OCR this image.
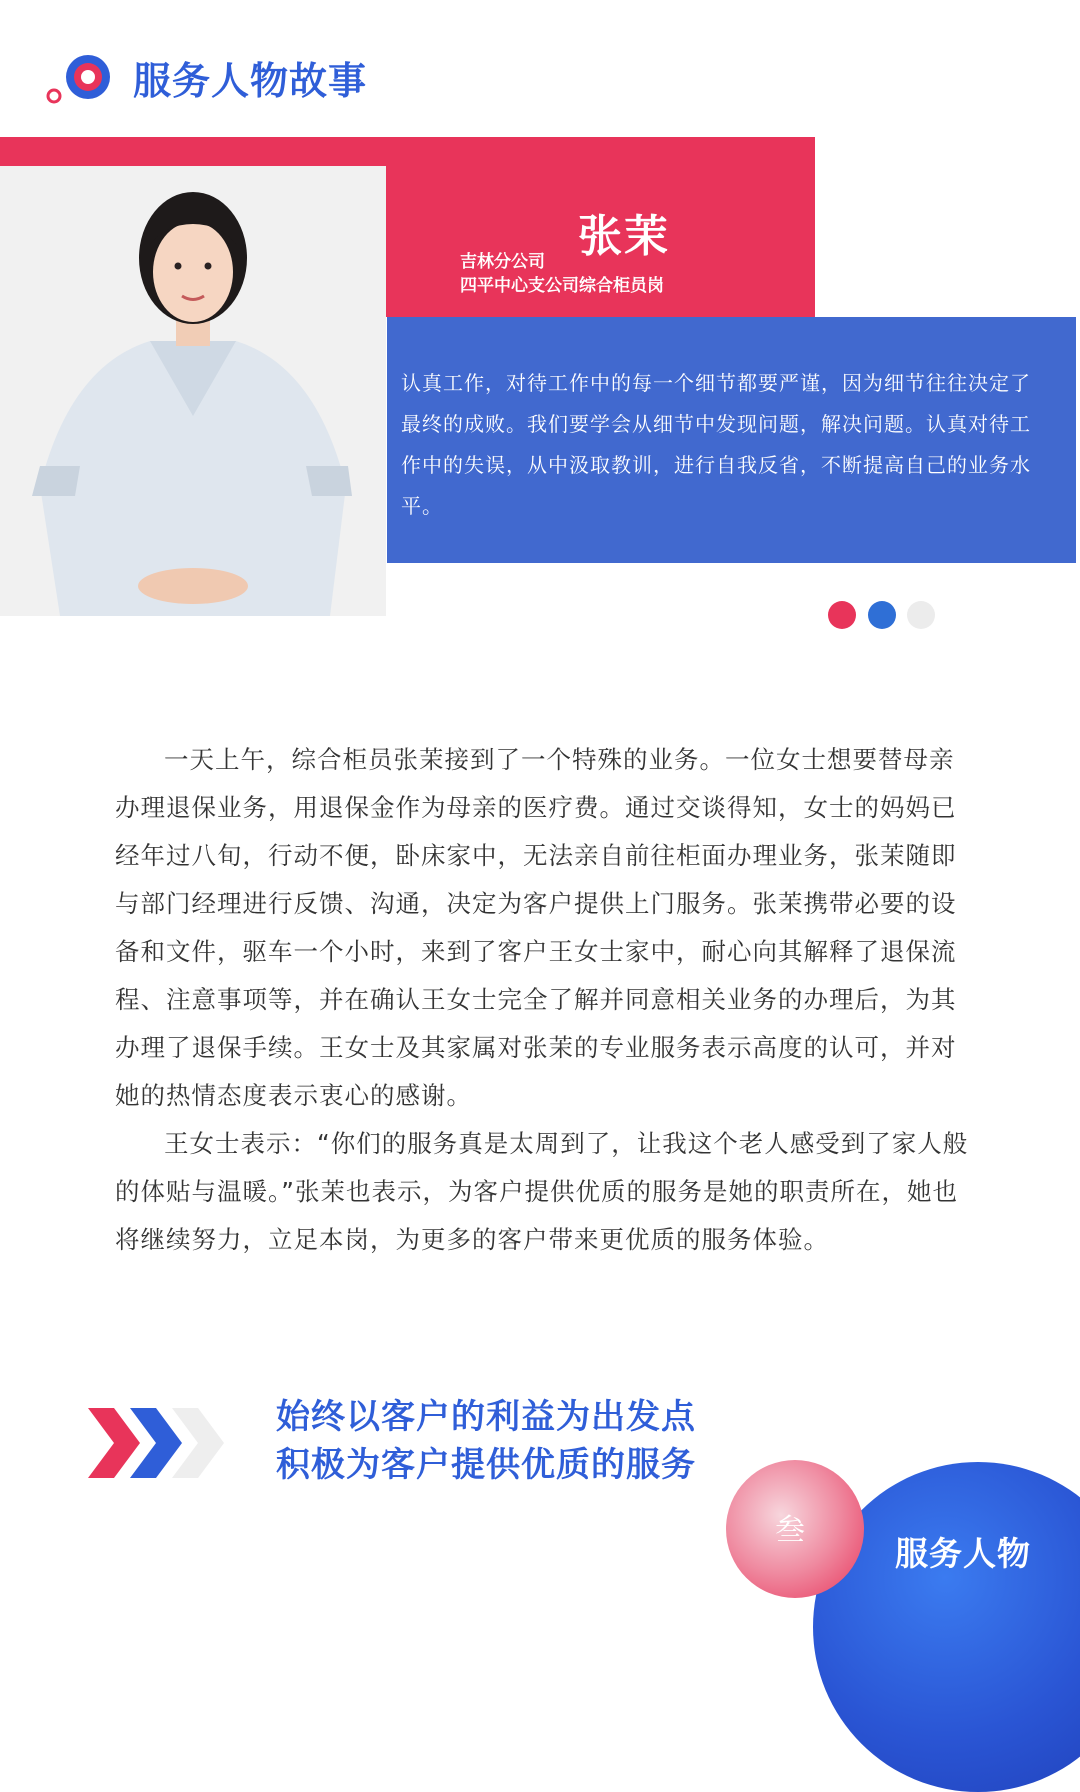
服务人物故事
张茉
吉林分公司
四平中心支公司综合柜员岗
认真工作，对待工作中的每一个细节都要严谨，因为细节往往决定了最终的成败。我们要学会从细节中发现问题，解决问题。认真对待工作中的失误，从中汲取教训，进行自我反省，不断提高自己的业务水平。

一天上午，综合柜员张茉接到了一个特殊的业务。一位女士想要替母亲办理退保业务，用退保金作为母亲的医疗费。通过交谈得知，女士的妈妈已经年过八旬，行动不便，卧床家中，无法亲自前往柜面办理业务，张茉随即与部门经理进行反馈、沟通，决定为客户提供上门服务。张茉携带必要的设备和文件，驱车一个小时，来到了客户王女士家中，耐心向其解释了退保流程、注意事项等，并在确认王女士完全了解并同意相关业务的办理后，为其办理了退保手续。王女士及其家属对张茉的专业服务表示高度的认可，并对她的热情态度表示衷心的感谢。

王女士表示：“你们的服务真是太周到了，让我这个老人感受到了家人般的体贴与温暖。”张茉也表示，为客户提供优质的服务是她的职责所在，她也将继续努力，立足本岗，为更多的客户带来更优质的服务体验。

始终以客户的利益为出发点
积极为客户提供优质的服务
叁
服务人物
